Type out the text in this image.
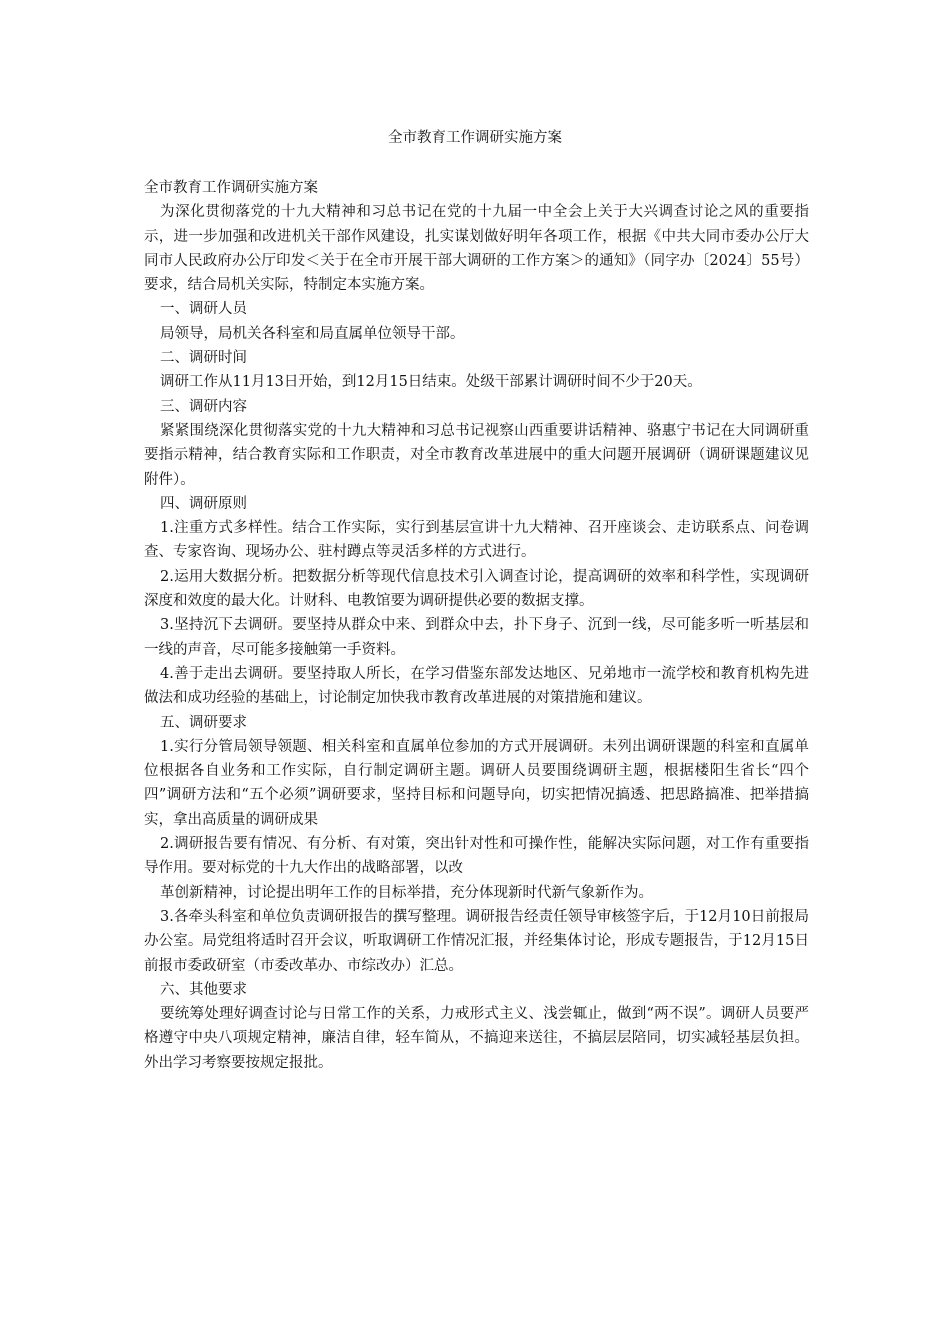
全市教育工作调研实施方案

全市教育工作调研实施方案

为深化贯彻落党的十九大精神和习总书记在党的十九届一中全会上关于大兴调查讨论之风的重要指示，进一步加强和改进机关干部作风建设，扎实谋划做好明年各项工作，根据《中共大同市委办公厅大同市人民政府办公厅印发＜关于在全市开展干部大调研的工作方案＞的通知》（同字办〔2024〕55号）要求，结合局机关实际，特制定本实施方案。

一、调研人员

局领导，局机关各科室和局直属单位领导干部。

二、调研时间

调研工作从11月13日开始，到12月15日结束。处级干部累计调研时间不少于20天。

三、调研内容

紧紧围绕深化贯彻落实党的十九大精神和习总书记视察山西重要讲话精神、骆惠宁书记在大同调研重要指示精神，结合教育实际和工作职责，对全市教育改革进展中的重大问题开展调研（调研课题建议见附件）。

四、调研原则

1.注重方式多样性。结合工作实际，实行到基层宣讲十九大精神、召开座谈会、走访联系点、问卷调查、专家咨询、现场办公、驻村蹲点等灵活多样的方式进行。

2.运用大数据分析。把数据分析等现代信息技术引入调查讨论，提高调研的效率和科学性，实现调研深度和效度的最大化。计财科、电教馆要为调研提供必要的数据支撑。

3.坚持沉下去调研。要坚持从群众中来、到群众中去，扑下身子、沉到一线，尽可能多听一听基层和一线的声音，尽可能多接触第一手资料。

4.善于走出去调研。要坚持取人所长，在学习借鉴东部发达地区、兄弟地市一流学校和教育机构先进做法和成功经验的基础上，讨论制定加快我市教育改革进展的对策措施和建议。

五、调研要求

1.实行分管局领导领题、相关科室和直属单位参加的方式开展调研。未列出调研课题的科室和直属单位根据各自业务和工作实际，自行制定调研主题。调研人员要围绕调研主题，根据楼阳生省长“四个四”调研方法和“五个必须”调研要求，坚持目标和问题导向，切实把情况搞透、把思路搞准、把举措搞实，拿出高质量的调研成果

2.调研报告要有情况、有分析、有对策，突出针对性和可操作性，能解决实际问题，对工作有重要指导作用。要对标党的十九大作出的战略部署，以改

革创新精神，讨论提出明年工作的目标举措，充分体现新时代新气象新作为。

3.各牵头科室和单位负责调研报告的撰写整理。调研报告经责任领导审核签字后，于12月10日前报局办公室。局党组将适时召开会议，听取调研工作情况汇报，并经集体讨论，形成专题报告，于12月15日前报市委政研室（市委改革办、市综改办）汇总。

六、其他要求

要统筹处理好调查讨论与日常工作的关系，力戒形式主义、浅尝辄止，做到“两不误”。调研人员要严格遵守中央八项规定精神，廉洁自律，轻车简从，不搞迎来送往，不搞层层陪同，切实减轻基层负担。外出学习考察要按规定报批。
